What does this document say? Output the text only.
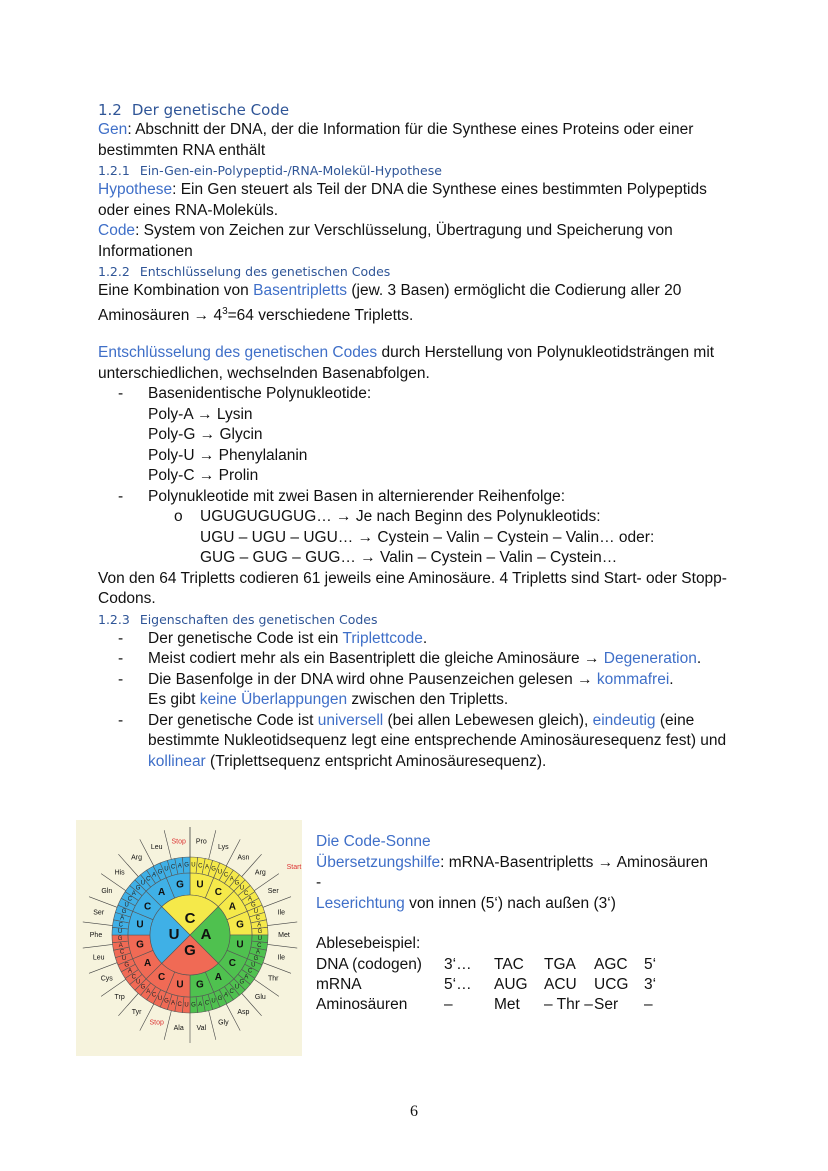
1.2 Der genetische Code

Gen: Abschnitt der DNA, der die Information für die Synthese eines Proteins oder einer bestimmten RNA enthält

1.2.1 Ein-Gen-ein-Polypeptid-/RNA-Molekül-Hypothese

Hypothese: Ein Gen steuert als Teil der DNA die Synthese eines bestimmten Polypeptids oder eines RNA-Moleküls.

Code: System von Zeichen zur Verschlüsselung, Übertragung und Speicherung von Informationen

1.2.2 Entschlüsselung des genetischen Codes

Eine Kombination von Basentripletts (jew. 3 Basen) ermöglicht die Codierung aller 20 Aminosäuren → $4^3=64$ verschiedene Tripletts.

Entschlüsselung des genetischen Codes durch Herstellung von Polynukleotidsträngen mit unterschiedlichen, wechselnden Basenabfolgen.

- Basenidentische Polynukleotide:
Poly-A → Lysin
Poly-G → Glycin
Poly-U → Phenylalanin
Poly-C → Prolin
- Polynukleotide mit zwei Basen in alternierender Reihenfolge:
o UGUGUGUGUG… → Je nach Beginn des Polynukleotids:
UGU – UGU – UGU… → Cystein – Valin – Cystein – Valin… oder:
GUG – GUG – GUG… → Valin – Cystein – Valin – Cystein…

Von den 64 Tripletts codieren 61 jeweils eine Aminosäure. 4 Tripletts sind Start- oder Stopp-Codons.

1.2.3 Eigenschaften des genetischen Codes
- Der genetische Code ist ein Triplettcode.
- Meist codiert mehr als ein Basentriplett die gleiche Aminosäure → Degeneration.
- Die Basenfolge in der DNA wird ohne Pausenzeichen gelesen → kommafrei.
Es gibt keine Überlappungen zwischen den Tripletts.
- Der genetische Code ist universell (bei allen Lebewesen gleich), eindeutig (eine bestimmte Nukleotidsequenz legt eine entsprechende Aminosäuresequenz fest) und kollinear (Triplettsequenz entspricht Aminosäuresequenz).
C
A
G
U
U
C
A
G
U
C
A
G
U
C
A
G
U
C
A
G
U C A G U
C
A
G
U
C
A
G
U
C
A
G
U
C
A
G
U
C
A
G
U
C
A
G
U
C
A
G
U
C
A
G
U
C
A
G
U
C
A
G
U
C
A
G
U
C
A
G
U
C
A
G
U
C
A
G U C A G
Pro
Lys
Asn
Arg
Ser
Ile
Met
Ile
Thr
Glu
Asp
Gly
Val
Ala
Stop
Tyr
Trp
Cys
Leu
Phe
Ser
Gln
His
Arg
Leu
Stop
Start
Die Code-Sonne
Übersetzungshilfe: mRNA-Basentripletts → Aminosäuren
-
Leserichtung von innen (5‘) nach außen (3‘)
Ablesebeispiel:
DNA (codogen)	3‘…	TAC	TGA	AGC	5‘
mRNA	5‘…	AUG	ACU	UCG	3‘
Aminosäuren	–	Met	– Thr – Ser	–
6
